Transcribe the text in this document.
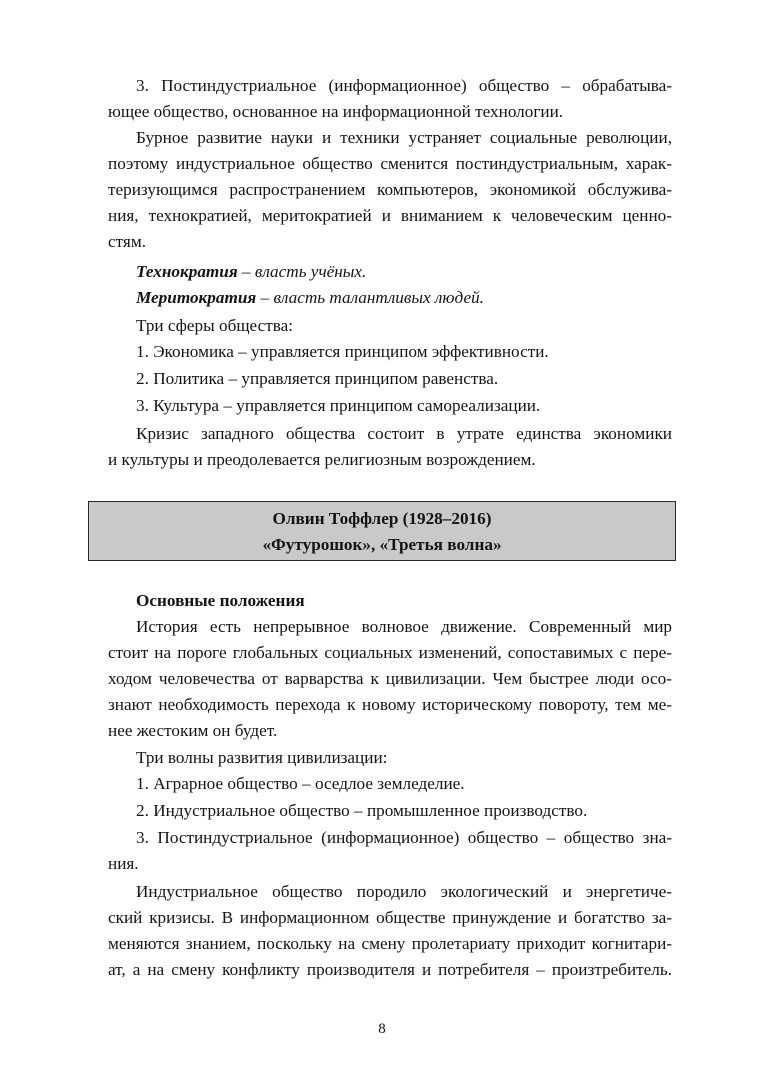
3. Постиндустриальное (информационное) общество – обрабатыва-
ющее общество, основанное на информационной технологии.
Бурное развитие науки и техники устраняет социальные революции,
поэтому индустриальное общество сменится постиндустриальным, харак-
теризующимся распространением компьютеров, экономикой обслужива-
ния, технократией, меритократией и вниманием к человеческим ценно-
стям.
Технократия – власть учёных.
Меритократия – власть талантливых людей.
Три сферы общества:
1. Экономика – управляется принципом эффективности.
2. Политика – управляется принципом равенства.
3. Культура – управляется принципом самореализации.
Кризис западного общества состоит в утрате единства экономики
и культуры и преодолевается религиозным возрождением.
Олвин Тоффлер (1928–2016)
«Футурошок», «Третья волна»
Основные положения
История есть непрерывное волновое движение. Современный мир
стоит на пороге глобальных социальных изменений, сопоставимых с пере-
ходом человечества от варварства к цивилизации. Чем быстрее люди осо-
знают необходимость перехода к новому историческому повороту, тем ме-
нее жестоким он будет.
Три волны развития цивилизации:
1. Аграрное общество – оседлое земледелие.
2. Индустриальное общество – промышленное производство.
3. Постиндустриальное (информационное) общество – общество зна-
ния.
Индустриальное общество породило экологический и энергетиче-
ский кризисы. В информационном обществе принуждение и богатство за-
меняются знанием, поскольку на смену пролетариату приходит когнитари-
ат, а на смену конфликту производителя и потребителя – произтребитель.
8
